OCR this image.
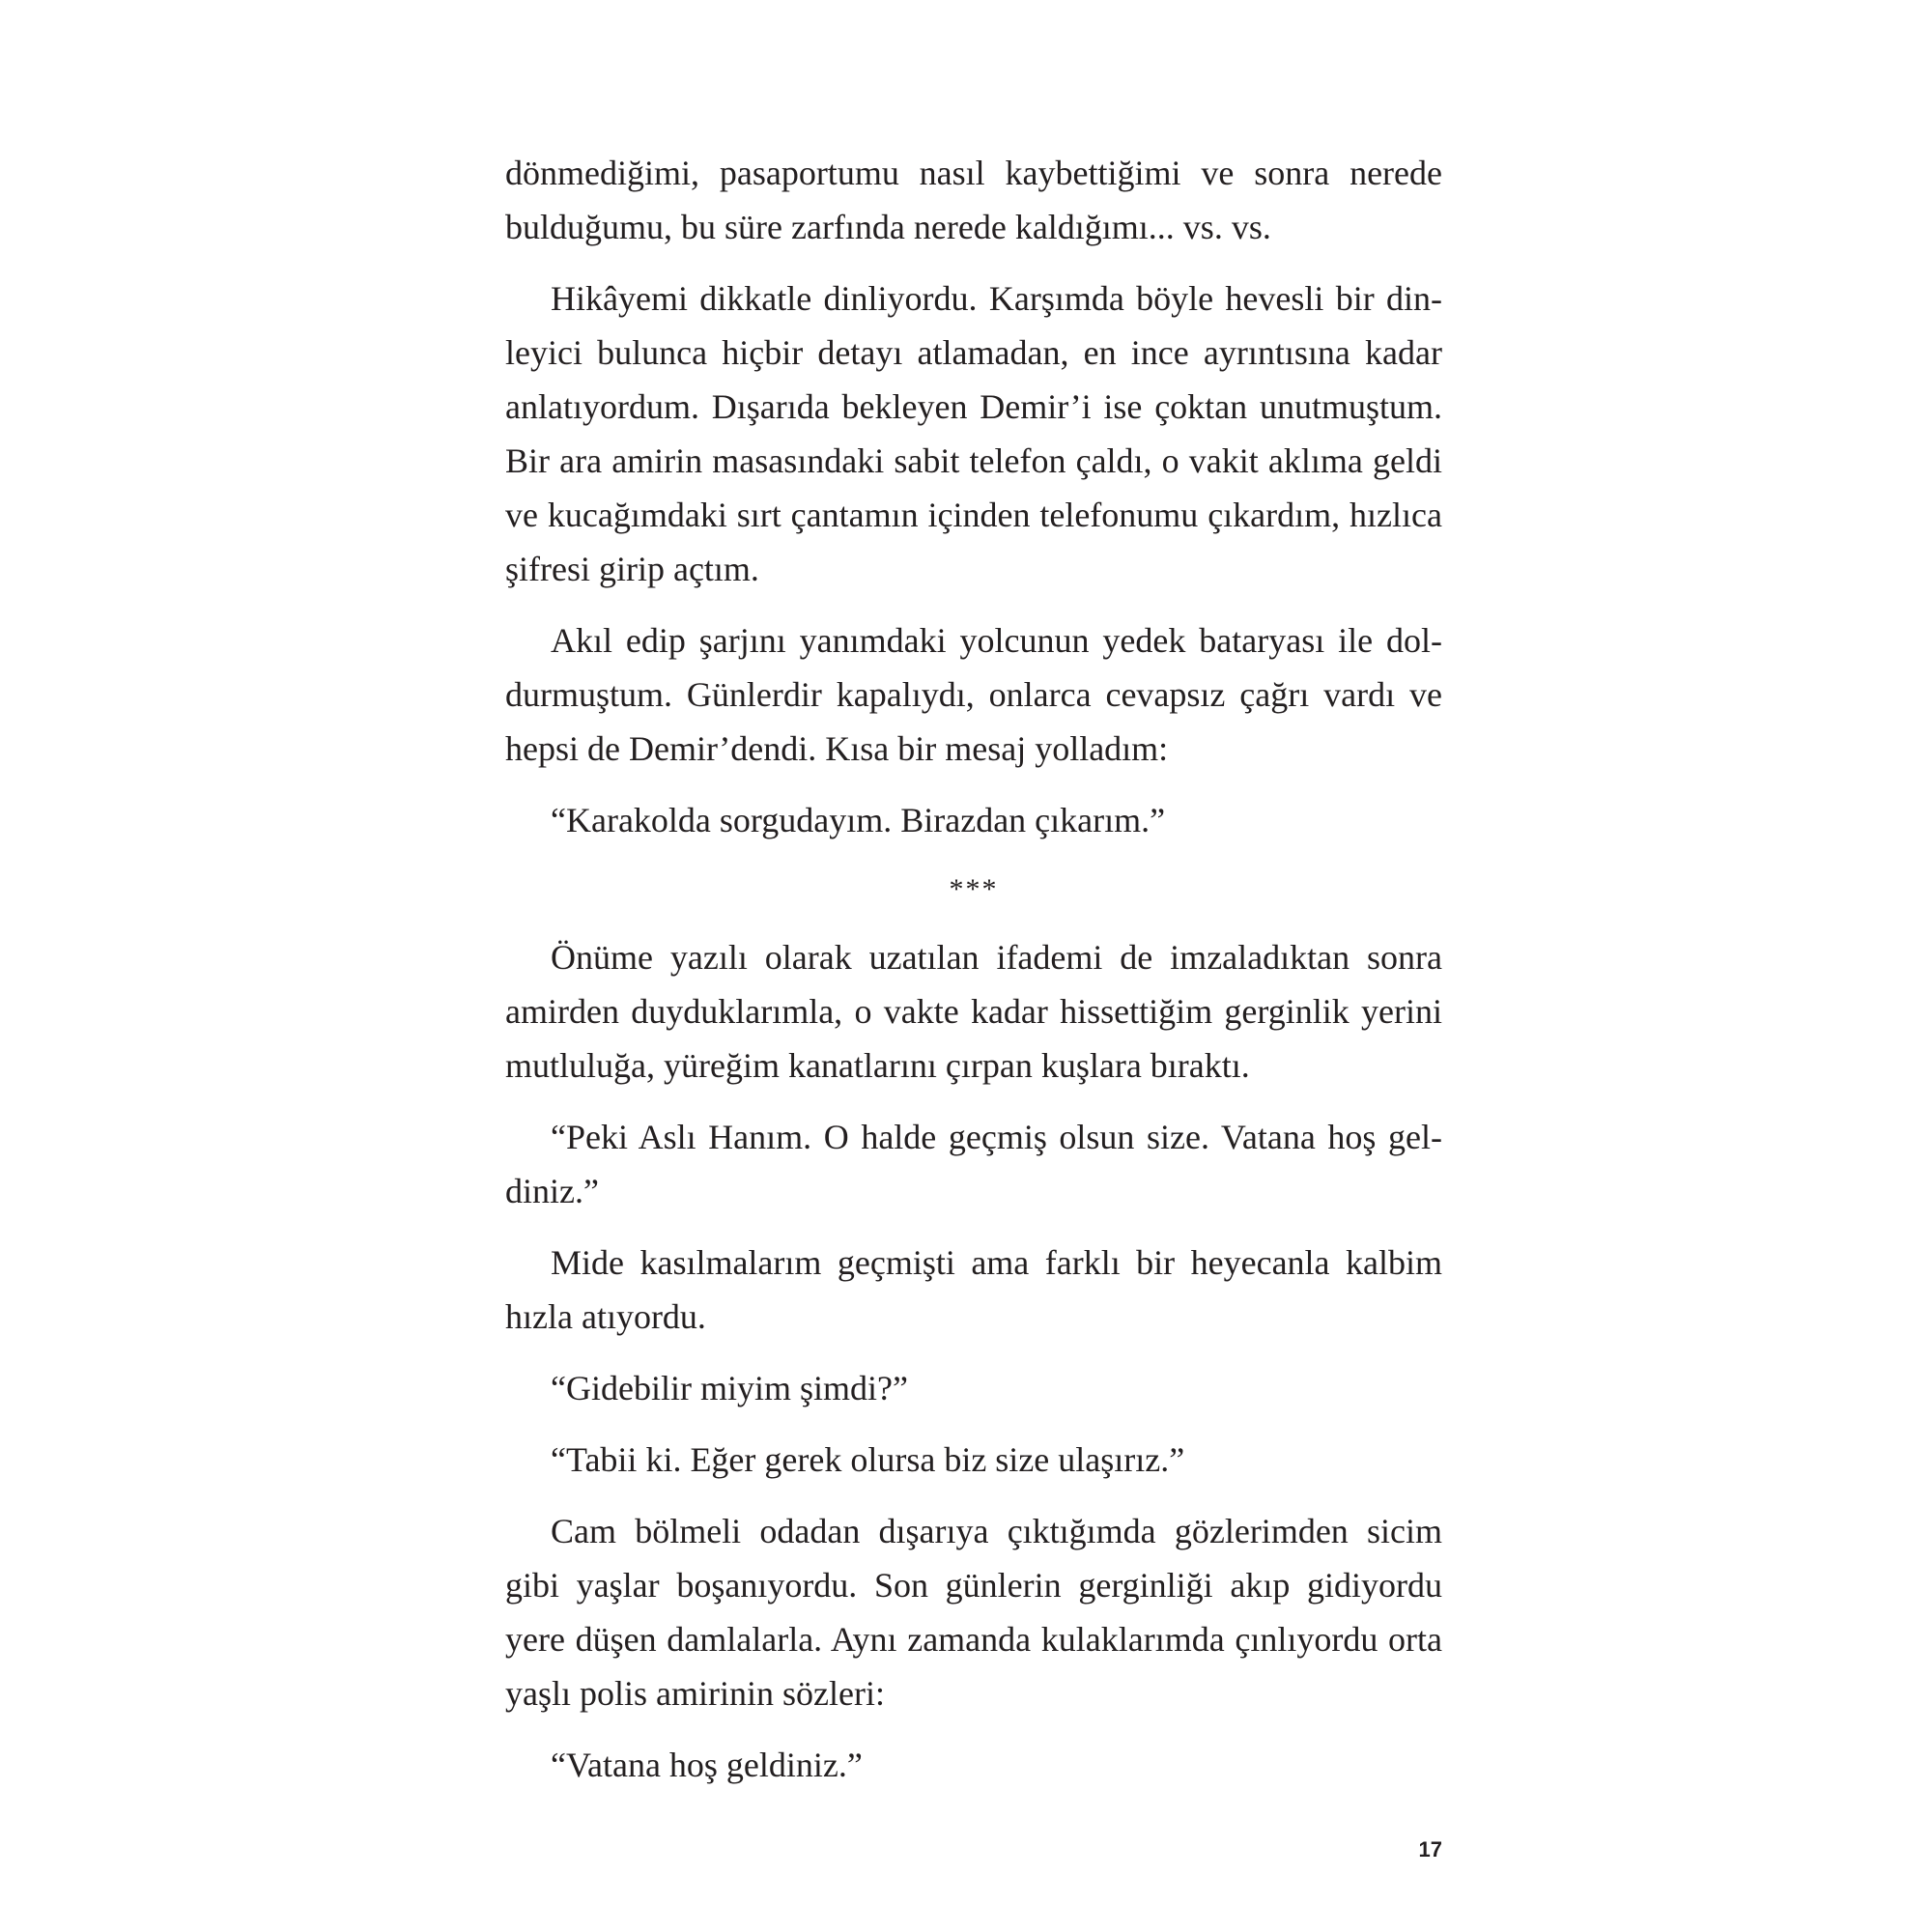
dönmediğimi, pasaportumu nasıl kaybettiğimi ve sonra nerede bulduğumu, bu süre zarfında nerede kaldığımı... vs. vs.

Hikâyemi dikkatle dinliyordu. Karşımda böyle hevesli bir din-leyici bulunca hiçbir detayı atlamadan, en ince ayrıntısına kadar anlatıyordum. Dışarıda bekleyen Demir’i ise çoktan unutmuştum. Bir ara amirin masasındaki sabit telefon çaldı, o vakit aklıma geldi ve kucağımdaki sırt çantamın içinden telefonumu çıkardım, hızlıca şifresi girip açtım.

Akıl edip şarjını yanımdaki yolcunun yedek bataryası ile dol-durmuştum. Günlerdir kapalıydı, onlarca cevapsız çağrı vardı ve hepsi de Demir’dendi. Kısa bir mesaj yolladım:

“Karakolda sorgudayım. Birazdan çıkarım.”

***

Önüme yazılı olarak uzatılan ifademi de imzaladıktan sonra amirden duyduklarımla, o vakte kadar hissettiğim gerginlik yerini mutluluğa, yüreğim kanatlarını çırpan kuşlara bıraktı.

“Peki Aslı Hanım. O halde geçmiş olsun size. Vatana hoş gel-diniz.”

Mide kasılmalarım geçmişti ama farklı bir heyecanla kalbim hızla atıyordu.

“Gidebilir miyim şimdi?”

“Tabii ki. Eğer gerek olursa biz size ulaşırız.”

Cam bölmeli odadan dışarıya çıktığımda gözlerimden sicim gibi yaşlar boşanıyordu. Son günlerin gerginliği akıp gidiyordu yere düşen damlalarla. Aynı zamanda kulaklarımda çınlıyordu orta yaşlı polis amirinin sözleri:

“Vatana hoş geldiniz.”

17
